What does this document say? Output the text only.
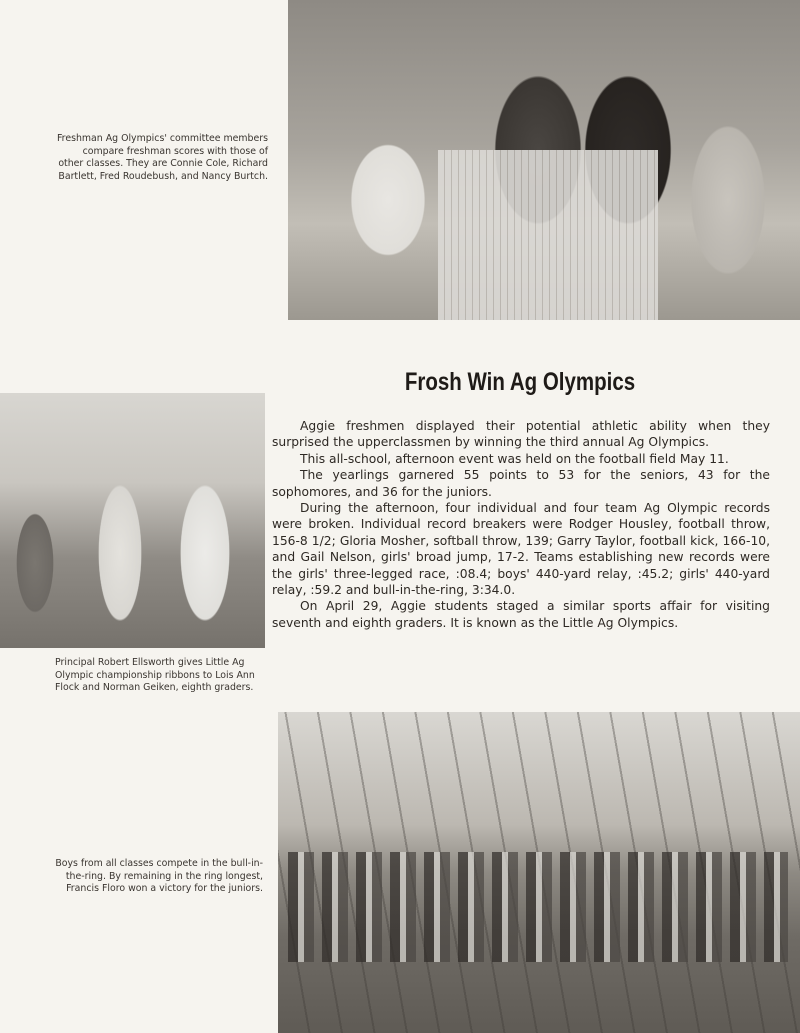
Freshman Ag Olympics' committee members compare freshman scores with those of other classes. They are Connie Cole, Richard Bartlett, Fred Roudebush, and Nancy Burtch.
Frosh Win Ag Olympics
Principal Robert Ellsworth gives Little Ag Olympic championship ribbons to Lois Ann Flock and Norman Geiken, eighth graders.

Aggie freshmen displayed their potential athletic ability when they surprised the upperclassmen by winning the third annual Ag Olympics.

This all-school, afternoon event was held on the football field May 11.

The yearlings garnered 55 points to 53 for the seniors, 43 for the sophomores, and 36 for the juniors.

During the afternoon, four individual and four team Ag Olympic records were broken. Individual record breakers were Rodger Housley, football throw, 156-8 1/2; Gloria Mosher, softball throw, 139; Garry Taylor, football kick, 166-10, and Gail Nelson, girls' broad jump, 17-2. Teams establishing new records were the girls' three-legged race, :08.4; boys' 440-yard relay, :45.2; girls' 440-yard relay, :59.2 and bull-in-the-ring, 3:34.0.

On April 29, Aggie students staged a similar sports affair for visiting seventh and eighth graders. It is known as the Little Ag Olympics.

Boys from all classes compete in the bull-in-the-ring. By remaining in the ring longest, Francis Floro won a victory for the juniors.
